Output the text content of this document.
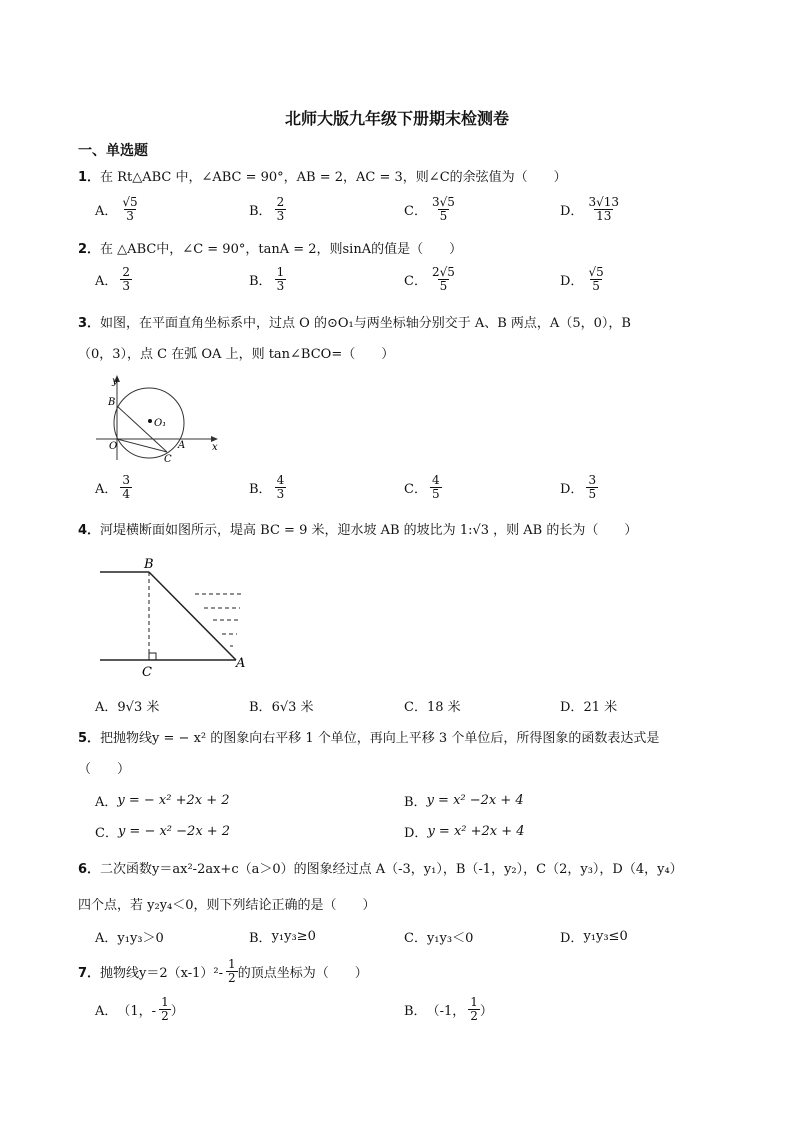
北师大版九年级下册期末检测卷
一、单选题
1．在 Rt△ABC 中，∠ABC = 90°，AB = 2，AC = 3，则∠C的余弦值为（　　）
A． $\frac{√5}{3}$	B． $\frac{2}{3}$	C． $\frac{3√5}{5}$	D． $\frac{3√13}{13}$
2．在 △ABC中，∠C = 90°，tanA = 2，则sinA的值是（　　）
A． $\frac{2}{3}$	B． $\frac{1}{3}$	C． $\frac{2√5}{5}$	D． $\frac{√5}{5}$
3．如图，在平面直角坐标系中，过点 O 的⊙O₁与两坐标轴分别交于 A、B 两点，A（5，0），B
（0，3），点 C 在弧 OA 上，则 tan∠BCO=（　　）
y
x
B
O	A
C
O₁
A． $\frac{3}{4}$	B． $\frac{4}{3}$	C． $\frac{4}{5}$	D． $\frac{3}{5}$
4．河堤横断面如图所示，堤高 BC = 9 米，迎水坡 AB 的坡比为 1:√3 ，则 AB 的长为（　　）
B
C
A
A． 9√3 米	B． 6√3 米	C． 18 米	D． 21 米
5．把抛物线y = − x² 的图象向右平移 1 个单位，再向上平移 3 个单位后，所得图象的函数表达式是
（　　）
A． y = − x² +2x + 2	B． y = x² −2x + 4
C． y = − x² −2x + 2	D． y = x² +2x + 4
6．二次函数y＝ax²-2ax+c（a＞0）的图象经过点 A（-3，y₁），B（-1，y₂），C（2，y₃），D（4，y₄）
四个点，若 y₂y₄＜0，则下列结论正确的是（　　）
A． y₁y₃＞0	B． y₁y₃≥0	C． y₁y₃＜0	D． y₁y₃≤0
7． 抛物线$y=2(x-1)^2- \frac{1}{2}$ 的顶点坐标为（　　）
A． （1，- $\frac{1}{2}$ ）	B． （-1， $\frac{1}{2}$ ）
